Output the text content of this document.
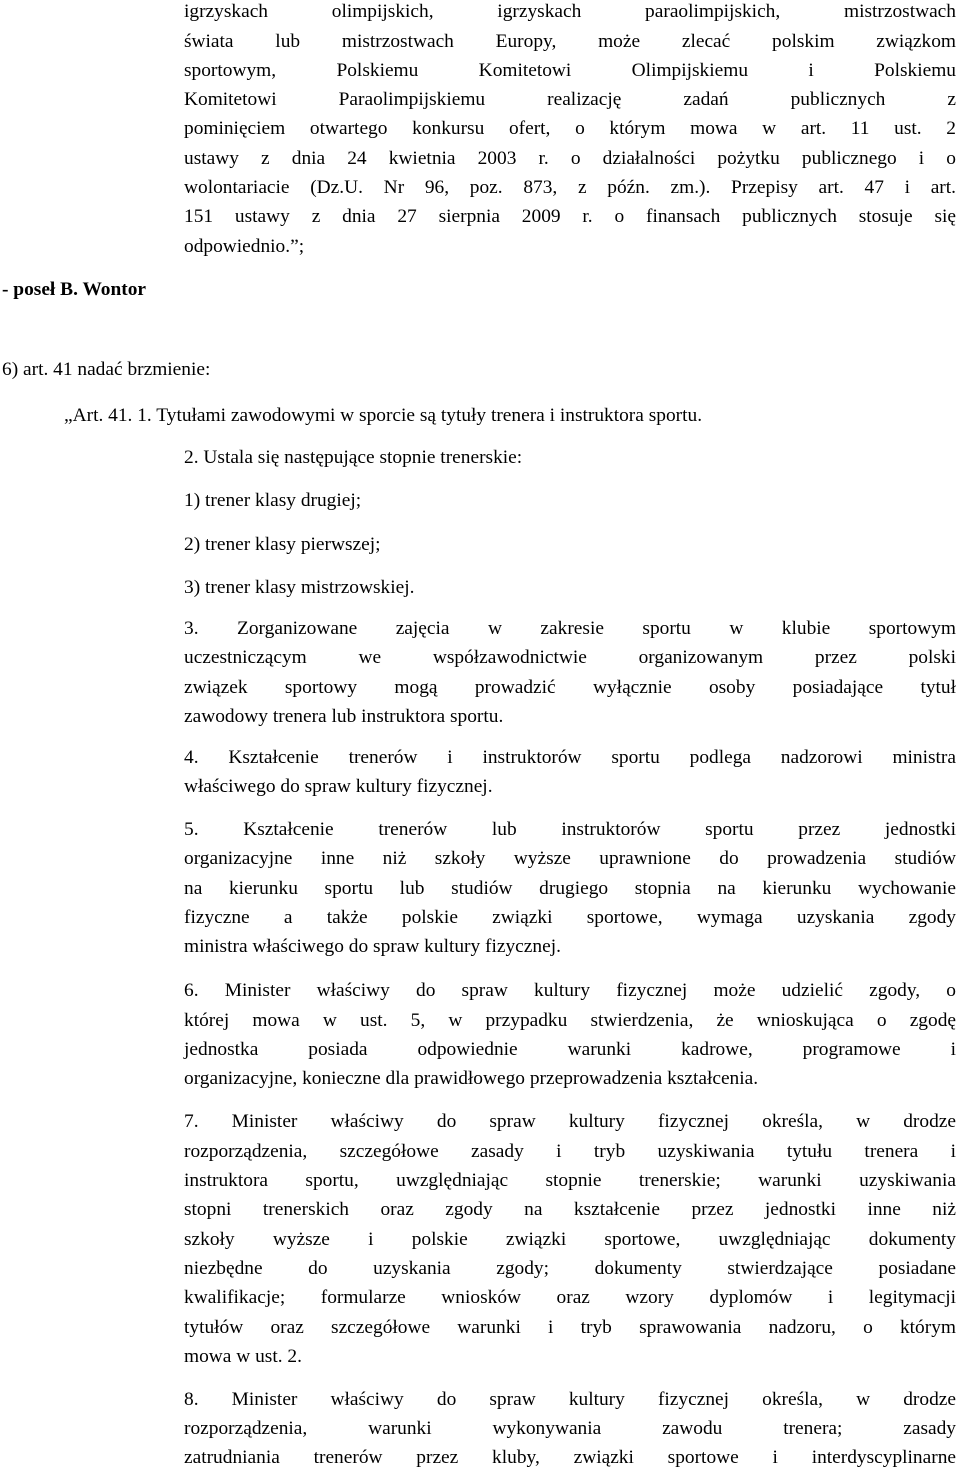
igrzyskach olimpijskich, igrzyskach paraolimpijskich, mistrzostwach
świata lub mistrzostwach Europy, może zlecać polskim związkom
sportowym, Polskiemu Komitetowi Olimpijskiemu i Polskiemu
Komitetowi Paraolimpijskiemu realizację zadań publicznych z
pominięciem otwartego konkursu ofert, o którym mowa w art. 11 ust. 2
ustawy z dnia 24 kwietnia 2003 r. o działalności pożytku publicznego i o
wolontariacie (Dz.U. Nr 96, poz. 873, z późn. zm.). Przepisy art. 47 i art.
151 ustawy z dnia 27 sierpnia 2009 r. o finansach publicznych stosuje się
odpowiednio.”;
- poseł B. Wontor
6) art. 41 nadać brzmienie:
„Art. 41. 1. Tytułami zawodowymi w sporcie są tytuły trenera i instruktora sportu.
2. Ustala się następujące stopnie trenerskie:
1) trener klasy drugiej;
2) trener klasy pierwszej;
3) trener klasy mistrzowskiej.
3. Zorganizowane zajęcia w zakresie sportu w klubie sportowym
uczestniczącym we współzawodnictwie organizowanym przez polski
związek sportowy mogą prowadzić wyłącznie osoby posiadające tytuł
zawodowy trenera lub instruktora sportu.
4. Kształcenie trenerów i instruktorów sportu podlega nadzorowi ministra
właściwego do spraw kultury fizycznej.
5. Kształcenie trenerów lub instruktorów sportu przez jednostki
organizacyjne inne niż szkoły wyższe uprawnione do prowadzenia studiów
na kierunku sportu lub studiów drugiego stopnia na kierunku wychowanie
fizyczne a także polskie związki sportowe, wymaga uzyskania zgody
ministra właściwego do spraw kultury fizycznej.
6. Minister właściwy do spraw kultury fizycznej może udzielić zgody, o
której mowa w ust. 5, w przypadku stwierdzenia, że wnioskująca o zgodę
jednostka posiada odpowiednie warunki kadrowe, programowe i
organizacyjne, konieczne dla prawidłowego przeprowadzenia kształcenia.
7. Minister właściwy do spraw kultury fizycznej określa, w drodze
rozporządzenia, szczegółowe zasady i tryb uzyskiwania tytułu trenera i
instruktora sportu, uwzględniając stopnie trenerskie; warunki uzyskiwania
stopni trenerskich oraz zgody na kształcenie przez jednostki inne niż
szkoły wyższe i polskie związki sportowe, uwzględniając dokumenty
niezbędne do uzyskania zgody; dokumenty stwierdzające posiadane
kwalifikacje; formularze wniosków oraz wzory dyplomów i legitymacji
tytułów oraz szczegółowe warunki i tryb sprawowania nadzoru, o którym
mowa w ust. 2.
8. Minister właściwy do spraw kultury fizycznej określa, w drodze
rozporządzenia, warunki wykonywania zawodu trenera; zasady
zatrudniania trenerów przez kluby, związki sportowe i interdyscyplinarne
